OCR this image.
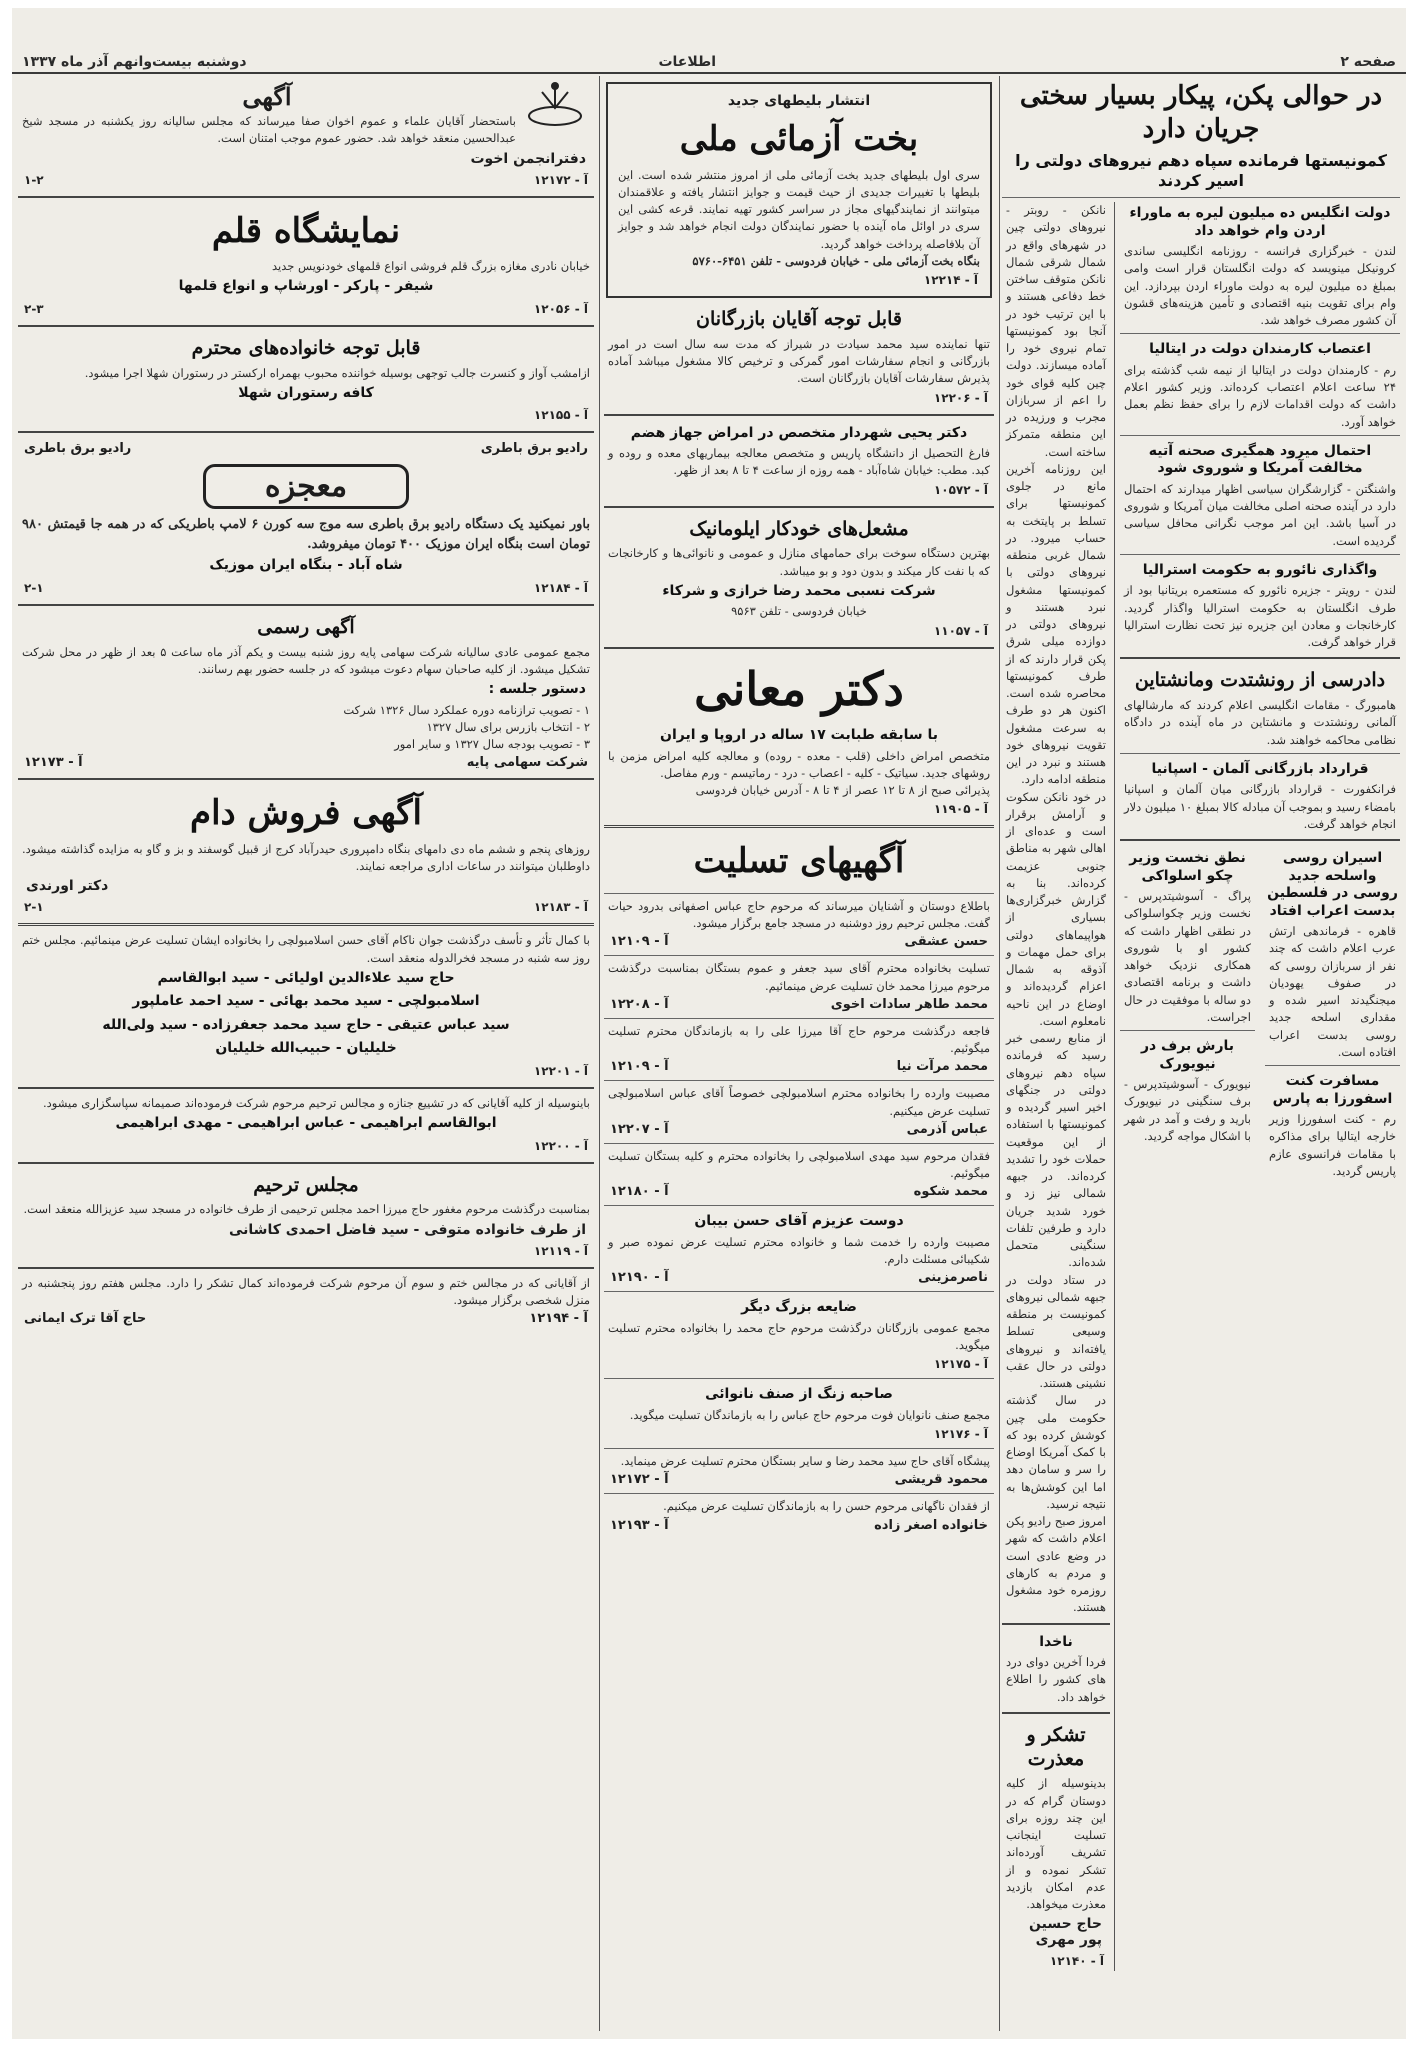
صفحه ۲
اطلاعات
دوشنبه بیست‌وانهم آذر ماه ۱۳۳۷
در حوالی پکن، پیکار بسیار سختی جریان دارد
کمونیستها فرمانده سپاه دهم نیروهای دولتی را اسیر کردند
دولت انگلیس ده میلیون لیره به ماوراء اردن وام خواهد داد

لندن - خبرگزاری فرانسه - روزنامه انگلیسی ساندی کرونیکل مینویسد که دولت انگلستان قرار است وامی بمبلغ ده میلیون لیره به دولت ماوراء اردن بپردازد. این وام برای تقویت بنیه اقتصادی و تأمین هزینه‌های قشون آن کشور مصرف خواهد شد.

اعتصاب کارمندان دولت در ایتالیا

رم - کارمندان دولت در ایتالیا از نیمه شب گذشته برای ۲۴ ساعت اعلام اعتصاب کرده‌اند. وزیر کشور اعلام داشت که دولت اقدامات لازم را برای حفظ نظم بعمل خواهد آورد.

احتمال میرود همگیری صحنه آتیه مخالفت آمریکا و شوروی شود

واشنگتن - گزارشگران سیاسی اظهار میدارند که احتمال دارد در آینده صحنه اصلی مخالفت میان آمریکا و شوروی در آسیا باشد. این امر موجب نگرانی محافل سیاسی گردیده است.

واگذاری نائورو به حکومت استرالیا

لندن - رویتر - جزیره نائورو که مستعمره بریتانیا بود از طرف انگلستان به حکومت استرالیا واگذار گردید. کارخانجات و معادن این جزیره نیز تحت نظارت استرالیا قرار خواهد گرفت.

دادرسی از رونشتدت ومانشتاین

هامبورگ - مقامات انگلیسی اعلام کردند که مارشالهای آلمانی رونشتدت و مانشتاین در ماه آینده در دادگاه نظامی محاکمه خواهند شد.

قرارداد بازرگانی آلمان - اسپانیا

فرانکفورت - قرارداد بازرگانی میان آلمان و اسپانیا بامضاء رسید و بموجب آن مبادله کالا بمبلغ ۱۰ میلیون دلار انجام خواهد گرفت.

اسیران روسی واسلحه جدید روسی در فلسطین بدست اعراب افتاد

قاهره - فرماندهی ارتش عرب اعلام داشت که چند نفر از سربازان روسی که در صفوف یهودیان میجنگیدند اسیر شده و مقداری اسلحه جدید روسی بدست اعراب افتاده است.

مسافرت کنت اسفورزا به پارس

رم - کنت اسفورزا وزیر خارجه ایتالیا برای مذاکره با مقامات فرانسوی عازم پاریس گردید.

نطق نخست وزیر چکو اسلواکی

پراگ - آسوشیتدپرس - نخست وزیر چکواسلواکی در نطقی اظهار داشت که کشور او با شوروی همکاری نزدیک خواهد داشت و برنامه اقتصادی دو ساله با موفقیت در حال اجراست.

بارش برف در نیویورک

نیویورک - آسوشیتدپرس - برف سنگینی در نیویورک بارید و رفت و آمد در شهر با اشکال مواجه گردید.

نانکن - روبتر - نیروهای دولتی چین در شهرهای واقع در شمال شرقی شمال نانکن متوقف ساختن خط دفاعی هستند و با این ترتیب خود در آنجا بود کمونیستها تمام نیروی خود را آماده میسازند. دولت چین کلیه قوای خود را اعم از سربازان مجرب و ورزیده در این منطقه متمرکز ساخته است.

این روزنامه آخرین مانع در جلوی کمونیستها برای تسلط بر پایتخت به حساب میرود. در شمال غربی منطقه نیروهای دولتی با کمونیستها مشغول نبرد هستند و نیروهای دولتی در دوازده میلی شرق پکن قرار دارند که از طرف کمونیستها محاصره شده است. اکنون هر دو طرف به سرعت مشغول تقویت نیروهای خود هستند و نبرد در این منطقه ادامه دارد.

در خود نانکن سکوت و آرامش برقرار است و عده‌ای از اهالی شهر به مناطق جنوبی عزیمت کرده‌اند. بنا به گزارش خبرگزاری‌ها بسیاری از هواپیماهای دولتی برای حمل مهمات و آذوقه به شمال اعزام گردیده‌اند و اوضاع در این ناحیه نامعلوم است.

از منابع رسمی خبر رسید که فرمانده سپاه دهم نیروهای دولتی در جنگهای اخیر اسیر گردیده و کمونیستها با استفاده از این موقعیت حملات خود را تشدید کرده‌اند. در جبهه شمالی نیز زد و خورد شدید جریان دارد و طرفین تلفات سنگینی متحمل شده‌اند.

در ستاد دولت در جبهه شمالی نیروهای کمونیست بر منطقه وسیعی تسلط یافته‌اند و نیروهای دولتی در حال عقب نشینی هستند.

در سال گذشته حکومت ملی چین کوشش کرده بود که با کمک آمریکا اوضاع را سر و سامان دهد اما این کوشش‌ها به نتیجه نرسید.

امروز صبح رادیو پکن اعلام داشت که شهر در وضع عادی است و مردم به کارهای روزمره خود مشغول هستند.

ناخدا

فردا آخرین دوای درد های کشور را اطلاع خواهد داد.

تشکر و معذرت

بدینوسیله از کلیه دوستان گرام که در این چند روزه برای تسلیت اینجانب تشریف آورده‌اند تشکر نموده و از عدم امکان بازدید معذرت میخواهد.

حاج حسین پور مهری
آ - ۱۲۱۴۰
انتشار بلیطهای جدید
بخت آزمائی ملی

سری اول بلیطهای جدید بخت آزمائی ملی از امروز منتشر شده است. این بلیطها با تغییرات جدیدی از حیث قیمت و جوایز انتشار یافته و علاقمندان میتوانند از نمایندگیهای مجاز در سراسر کشور تهیه نمایند. قرعه کشی این سری در اوائل ماه آینده با حضور نمایندگان دولت انجام خواهد شد و جوایز آن بلافاصله پرداخت خواهد گردید.

بنگاه بخت آزمائی ملی - خیابان فردوسی - تلفن ۶۴۵۱-۵۷۶۰

آ - ۱۲۲۱۴
قابل توجه آقایان بازرگانان

تنها نماینده سید محمد سیادت در شیراز که مدت سه سال است در امور بازرگانی و انجام سفارشات امور گمرکی و ترخیص کالا مشغول میباشد آماده پذیرش سفارشات آقایان بازرگانان است.

آ - ۱۲۲۰۶
دکتر یحیی شهردار متخصص در امراض جهاز هضم

فارغ التحصیل از دانشگاه پاریس و متخصص معالجه بیماریهای معده و روده و کبد. مطب: خیابان شاه‌آباد - همه روزه از ساعت ۴ تا ۸ بعد از ظهر.

آ - ۱۰۵۷۲
مشعل‌های خودکار ایلومانیک

بهترین دستگاه سوخت برای حمامهای منازل و عمومی و نانوائی‌ها و کارخانجات که با نفت کار میکند و بدون دود و بو میباشد.

شرکت نسبی محمد رضا خرازی و شرکاء

خیابان فردوسی - تلفن ۹۵۶۳

آ - ۱۱۰۵۷
دکتر معانی
با سابقه طبابت ۱۷ ساله در اروپا و ایران

متخصص امراض داخلی (قلب - معده - روده) و معالجه کلیه امراض مزمن با روشهای جدید. سیاتیک - کلیه - اعصاب - درد - رماتیسم - ورم مفاصل.

پذیرائی صبح از ۸ تا ۱۲ عصر از ۴ تا ۸ - آدرس خیابان فردوسی

آ - ۱۱۹۰۵
آگهیهای تسلیت

باطلاع دوستان و آشنایان میرساند که مرحوم حاج عباس اصفهانی بدرود حیات گفت. مجلس ترحیم روز دوشنبه در مسجد جامع برگزار میشود.

حسن عشقی
آ - ۱۲۱۰۹

تسلیت بخانواده محترم آقای سید جعفر و عموم بستگان بمناسبت درگذشت مرحوم میرزا محمد خان تسلیت عرض مینمائیم.

محمد طاهر سادات اخوی
آ - ۱۲۲۰۸

فاجعه درگذشت مرحوم حاج آقا میرزا علی را به بازماندگان محترم تسلیت میگوئیم.

محمد مرآت نیا
آ - ۱۲۱۰۹

مصیبت وارده را بخانواده محترم اسلامبولچی خصوصاً آقای عباس اسلامبولچی تسلیت عرض میکنیم.

عباس آذرمی
آ - ۱۲۲۰۷

فقدان مرحوم سید مهدی اسلامبولچی را بخانواده محترم و کلیه بستگان تسلیت میگوئیم.

محمد شکوه
آ - ۱۲۱۸۰
دوست عزیزم آقای حسن بیبان

مصیبت وارده را خدمت شما و خانواده محترم تسلیت عرض نموده صبر و شکیبائی مسئلت دارم.

ناصرمزینی
آ - ۱۲۱۹۰
ضایعه بزرگ دیگر

مجمع عمومی بازرگانان درگذشت مرحوم حاج محمد را بخانواده محترم تسلیت میگوید.

آ - ۱۲۱۷۵
صاحبه زنگ از صنف نانوائی

مجمع صنف نانوایان فوت مرحوم حاج عباس را به بازماندگان تسلیت میگوید.

آ - ۱۲۱۷۶

پیشگاه آقای حاج سید محمد رضا و سایر بستگان محترم تسلیت عرض مینماید.

محمود قریشی
آ - ۱۲۱۷۲

از فقدان ناگهانی مرحوم حسن را به بازماندگان تسلیت عرض میکنیم.

خانواده اصغر زاده
آ - ۱۲۱۹۳
آگهی

باستحضار آقایان علماء و عموم اخوان صفا میرساند که مجلس سالیانه روز یکشنبه در مسجد شیخ عبدالحسین منعقد خواهد شد. حضور عموم موجب امتنان است.

دفترانجمن اخوت
آ - ۱۲۱۷۲
۱-۲
نمایشگاه قلم

خیابان نادری مغازه بزرگ قلم فروشی انواع قلمهای خودنویس جدید

شیفر - پارکر - اورشاپ و انواع قلمها
آ - ۱۲۰۵۶
۲-۳
قابل توجه خانواده‌های محترم

ازامشب آواز و کنسرت جالب توجهی بوسیله خواننده محبوب بهمراه ارکستر در رستوران شهلا اجرا میشود.

کافه رستوران شهلا
آ - ۱۲۱۵۵
رادیو برق باطری
رادیو برق باطری
معجزه

باور نمیکنید یک دستگاه رادیو برق باطری سه موج سه کورن ۶ لامپ باطریکی که در همه جا قیمتش ۹۸۰ تومان است بنگاه ایران موزیک ۴۰۰ تومان میفروشد.

شاه آباد - بنگاه ایران موزیک
آ - ۱۲۱۸۴
۲-۱
آگهی رسمی

مجمع عمومی عادی سالیانه شرکت سهامی پایه روز شنبه بیست و یکم آذر ماه ساعت ۵ بعد از ظهر در محل شرکت تشکیل میشود. از کلیه صاحبان سهام دعوت میشود که در جلسه حضور بهم رسانند.

دستور جلسه :

۱ - تصویب ترازنامه دوره عملکرد سال ۱۳۲۶ شرکت

۲ - انتخاب بازرس برای سال ۱۳۲۷

۳ - تصویب بودجه سال ۱۳۲۷ و سایر امور

شرکت سهامی پایه
آ - ۱۲۱۷۳
آگهی فروش دام

روزهای پنجم و ششم ماه دی دامهای بنگاه دامپروری حیدرآباد کرج از قبیل گوسفند و بز و گاو به مزایده گذاشته میشود. داوطلبان میتوانند در ساعات اداری مراجعه نمایند.

دکتر اورندی
آ - ۱۲۱۸۳
۲-۱

با کمال تأثر و تأسف درگذشت جوان ناکام آقای حسن اسلامبولچی را بخانواده ایشان تسلیت عرض مینمائیم. مجلس ختم روز سه شنبه در مسجد فخرالدوله منعقد است.

حاج سید علاءالدین اولیائی - سید ابوالقاسم
اسلامبولچی - سید محمد بهائی - سید احمد عاملپور
سید عباس عتیقی - حاج سید محمد جعفرزاده - سید ولی‌الله
خلیلیان - حبیب‌الله خلیلیان
آ - ۱۲۲۰۱

باینوسیله از کلیه آقایانی که در تشییع جنازه و مجالس ترحیم مرحوم شرکت فرموده‌اند صمیمانه سپاسگزاری میشود.

ابوالقاسم ابراهیمی - عباس ابراهیمی - مهدی ابراهیمی
آ - ۱۲۲۰۰
مجلس ترحیم

بمناسبت درگذشت مرحوم مغفور حاج میرزا احمد مجلس ترحیمی از طرف خانواده در مسجد سید عزیزالله منعقد است.

از طرف خانواده متوفی - سید فاضل احمدی کاشانی
آ - ۱۲۱۱۹

از آقایانی که در مجالس ختم و سوم آن مرحوم شرکت فرموده‌اند کمال تشکر را دارد. مجلس هفتم روز پنجشنبه در منزل شخصی برگزار میشود.

آ - ۱۲۱۹۴
حاج آقا ترک ایمانی
